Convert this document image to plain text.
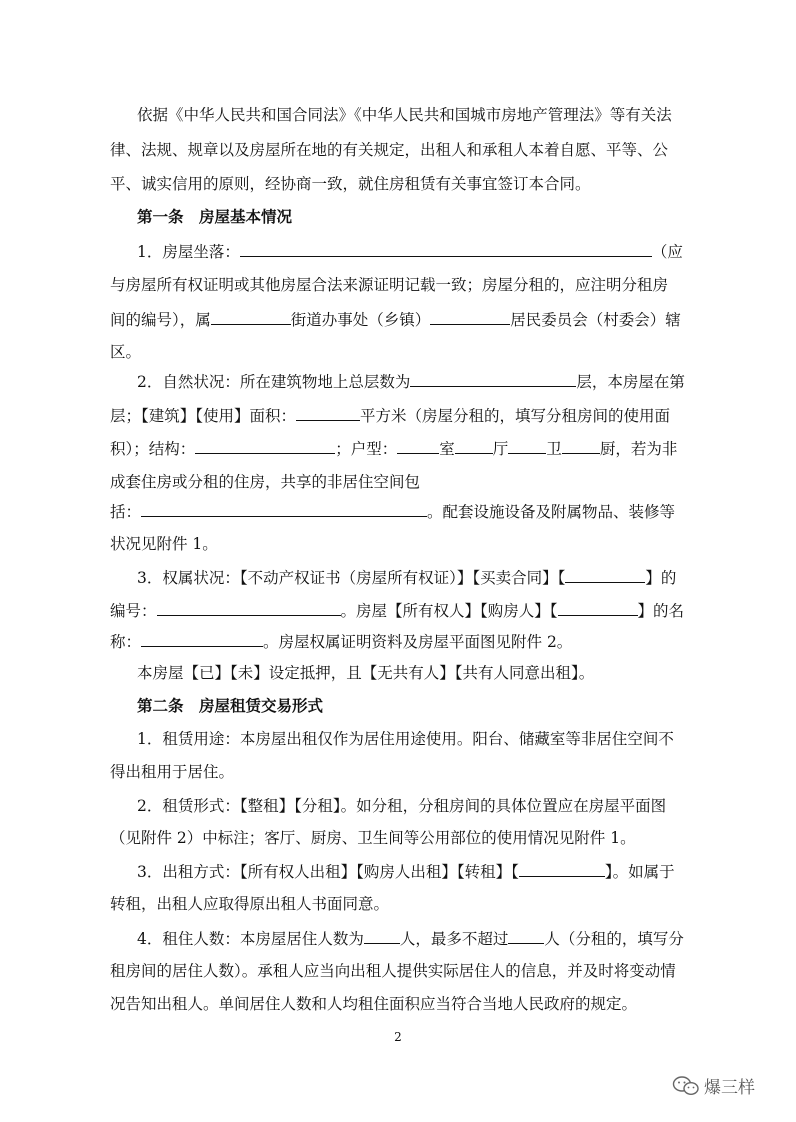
依据《中华人民共和国合同法》《中华人民共和国城市房地产管理法》等有关法
律、法规、规章以及房屋所在地的有关规定，出租人和承租人本着自愿、平等、公
平、诚实信用的原则，经协商一致，就住房租赁有关事宜签订本合同。
第一条　房屋基本情况
1．房屋坐落：	（应
与房屋所有权证明或其他房屋合法来源证明记载一致；房屋分租的，应注明分租房
间的编号），属	街道办事处（乡镇）	居民委员会（村委会）辖
区。
2．自然状况：所在建筑物地上总层数为	层，本房屋在第
层；【建筑】【使用】面积：	平方米（房屋分租的，填写分租房间的使用面
积）；结构：	；户型：	室 厅 卫 厨，若为非
成套住房或分租的住房，共享的非居住空间包
括：	。配套设施设备及附属物品、装修等
状况见附件 1。
3．权属状况：【不动产权证书（房屋所有权证）】【买卖合同】【	】的
编号：	。房屋【所有权人】【购房人】【	】的名
称：	。房屋权属证明资料及房屋平面图见附件 2。
本房屋【已】【未】设定抵押，且【无共有人】【共有人同意出租】。
第二条　房屋租赁交易形式
1．租赁用途：本房屋出租仅作为居住用途使用。阳台、储藏室等非居住空间不
得出租用于居住。
2．租赁形式：【整租】【分租】。如分租，分租房间的具体位置应在房屋平面图
（见附件 2）中标注；客厅、厨房、卫生间等公用部位的使用情况见附件 1。
3．出租方式：【所有权人出租】【购房人出租】【转租】【	】。如属于
转租，出租人应取得原出租人书面同意。
4．租住人数：本房屋居住人数为 人，最多不超过 人（分租的，填写分
租房间的居住人数）。承租人应当向出租人提供实际居住人的信息，并及时将变动情
况告知出租人。单间居住人数和人均租住面积应当符合当地人民政府的规定。
2
爆三样
